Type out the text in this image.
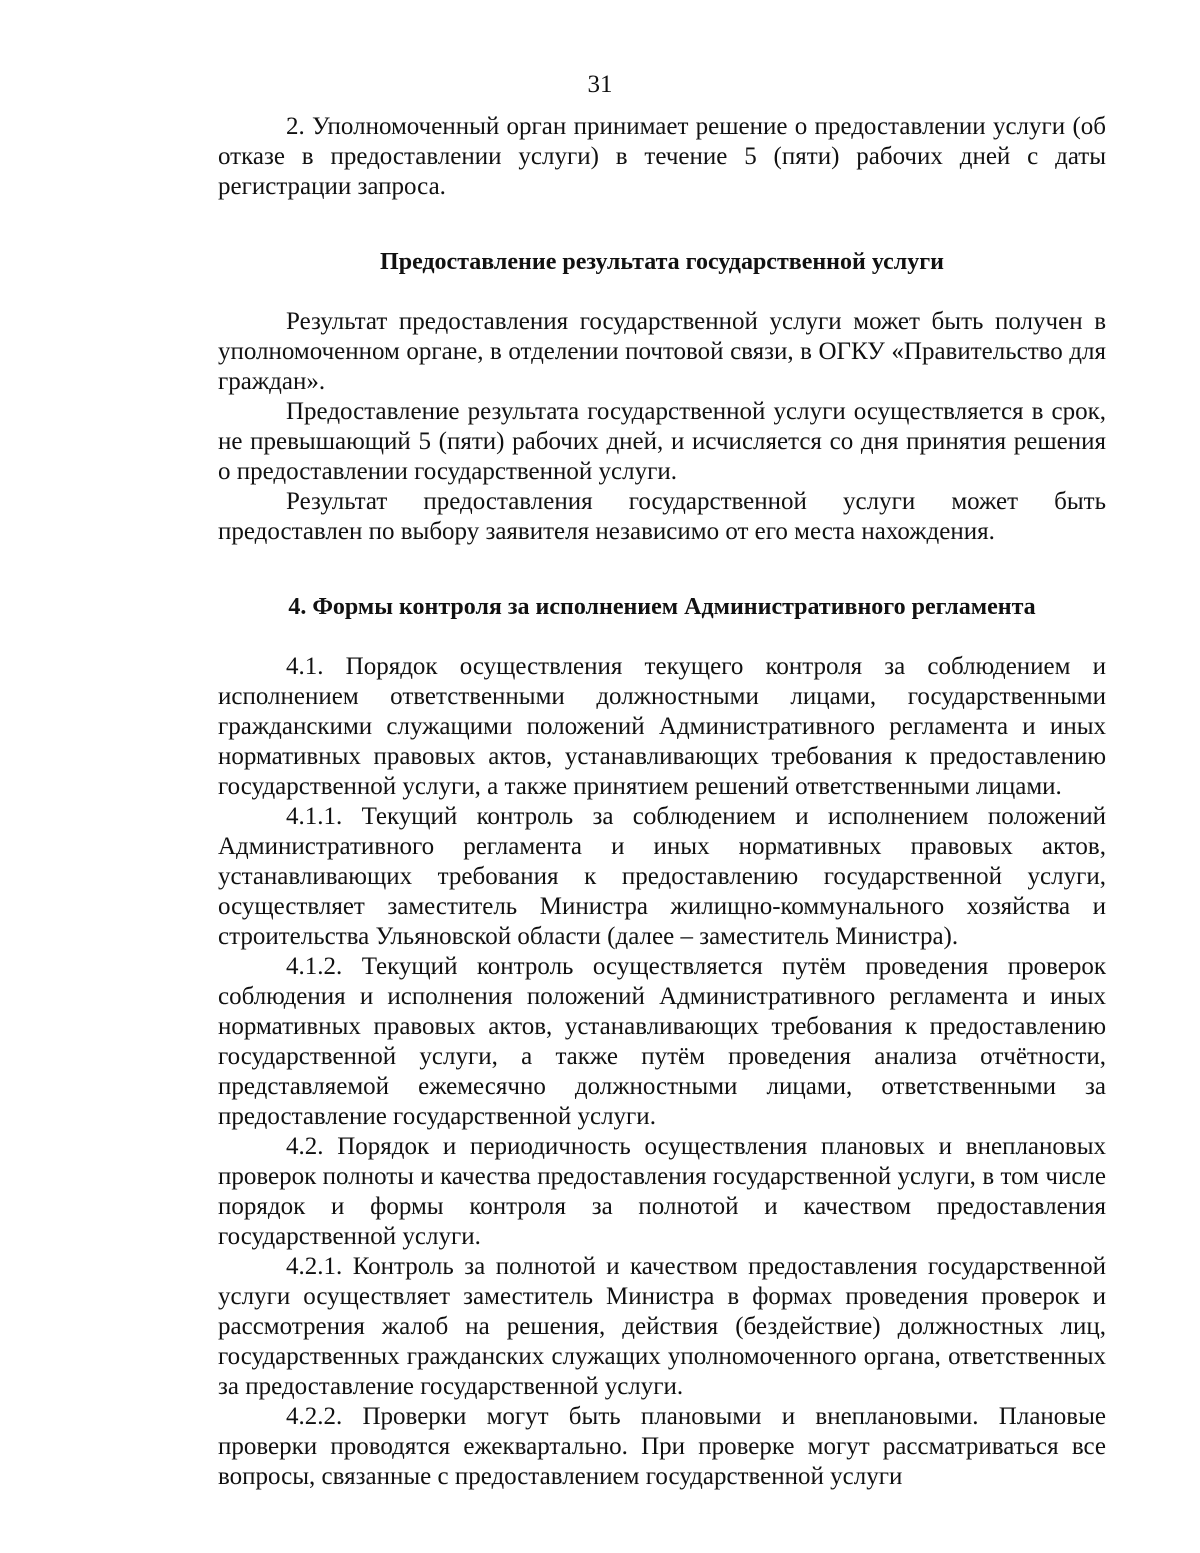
31

2. Уполномоченный орган принимает решение о предоставлении услуги (об отказе в предоставлении услуги) в течение 5 (пяти) рабочих дней с даты регистрации запроса.

Предоставление результата государственной услуги

Результат предоставления государственной услуги может быть получен в уполномоченном органе, в отделении почтовой связи, в ОГКУ «Правительство для граждан».

Предоставление результата государственной услуги осуществляется в срок, не превышающий 5 (пяти) рабочих дней, и исчисляется со дня принятия решения о предоставлении государственной услуги.

Результат предоставления государственной услуги может быть предоставлен по выбору заявителя независимо от его места нахождения.

4. Формы контроля за исполнением Административного регламента

4.1. Порядок осуществления текущего контроля за соблюдением и исполнением ответственными должностными лицами, государственными гражданскими служащими положений Административного регламента и иных нормативных правовых актов, устанавливающих требования к предоставлению государственной услуги, а также принятием решений ответственными лицами.

4.1.1. Текущий контроль за соблюдением и исполнением положений Административного регламента и иных нормативных правовых актов, устанавливающих требования к предоставлению государственной услуги, осуществляет заместитель Министра жилищно-коммунального хозяйства и строительства Ульяновской области (далее – заместитель Министра).

4.1.2. Текущий контроль осуществляется путём проведения проверок соблюдения и исполнения положений Административного регламента и иных нормативных правовых актов, устанавливающих требования к предоставлению государственной услуги, а также путём проведения анализа отчётности, представляемой ежемесячно должностными лицами, ответственными за предоставление государственной услуги.

4.2. Порядок и периодичность осуществления плановых и внеплановых проверок полноты и качества предоставления государственной услуги, в том числе порядок и формы контроля за полнотой и качеством предоставления государственной услуги.

4.2.1. Контроль за полнотой и качеством предоставления государственной услуги осуществляет заместитель Министра в формах проведения проверок и рассмотрения жалоб на решения, действия (бездействие) должностных лиц, государственных гражданских служащих уполномоченного органа, ответственных за предоставление государственной услуги.

4.2.2. Проверки могут быть плановыми и внеплановыми. Плановые проверки проводятся ежеквартально. При проверке могут рассматриваться все вопросы, связанные с предоставлением государственной услуги
